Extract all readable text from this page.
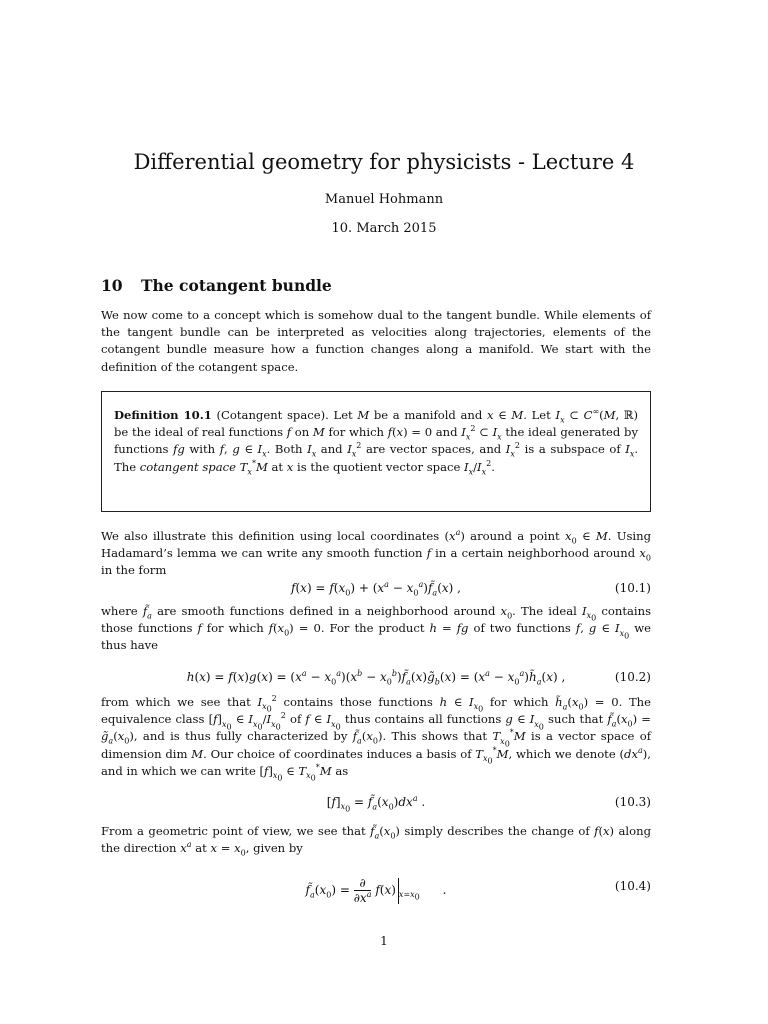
Differential geometry for physicists - Lecture 4
Manuel Hohmann
10. March 2015
10 The cotangent bundle
We now come to a concept which is somehow dual to the tangent bundle. While elements of the tangent bundle can be interpreted as velocities along trajectories, elements of the cotangent bundle measure how a function changes along a manifold. We start with the definition of the cotangent space.
Definition 10.1 (Cotangent space). Let M be a manifold and x ∈ M. Let $I_x$ ⊂ C∞(M, ℝ) be the ideal of real functions f on M for which f(x) = 0 and $I_x^2$ ⊂ $I_x$ the ideal generated by functions fg with f, g ∈ $I_x$. Both $I_x$ and $I_x^2$ are vector spaces, and $I_x^2$ is a subspace of $I_x$. The cotangent space $T_x^*M$ at x is the quotient vector space $I_x/I_x^2$.
We also illustrate this definition using local coordinates $(x^a)$ around a point $x_0$ ∈ M. Using Hadamard’s lemma we can write any smooth function f in a certain neighborhood around $x_0$ in the form
$f(x) = f(x_0) + (x^a$ − $x_0^a)f̃_a(x)$ ,	(10.1)
where $f̃_a$ are smooth functions defined in a neighborhood around $x_0$. The ideal $I_{x_0}$ contains those functions f for which $f(x_0) = 0$. For the product h = fg of two functions f, g ∈ $I_{x_0}$ we thus have
$h(x) = f(x)g(x) = (x^a - x_0^a)(x^b$ − $x_0^b)f̃_a(x)g̃_b(x) = (x^a$ − $x_0^a)h̃_a(x)$ ,	(10.2)
from which we see that $I_{x_0}^2$ contains those functions h ∈ $I_{x_0}$ for which $h̃_a(x_0) = 0$. The equivalence class $[f]_{x_0}$ ∈ $I_{x_0}/I_{x_0}^2$ of f ∈ $I_{x_0}$ thus contains all functions g ∈ $I_{x_0}$ such that $f̃_a(x_0)$ = $g̃_a(x_0)$, and is thus fully characterized by $f̃_a(x_0)$. This shows that $T_{x_0}^*M$ is a vector space of dimension dim M. Our choice of coordinates induces a basis of $T_{x_0}^*M$, which we denote $(dx^a)$, and in which we can write $[f]_{x_0}$ ∈ $T_{x_0}^*M$ as
$[f]_{x_0}$ = $f̃_a(x_0)dx^a$ .	(10.3)
From a geometric point of view, we see that $f̃_a(x_0)$ simply describes the change of f(x) along the direction $x^a$ at $x = x_0$, given by
$f̃_a(x_0)$ = ∂
$\partial x^a$ f(x) $_{x=x_0}$      .	(10.4)
1
